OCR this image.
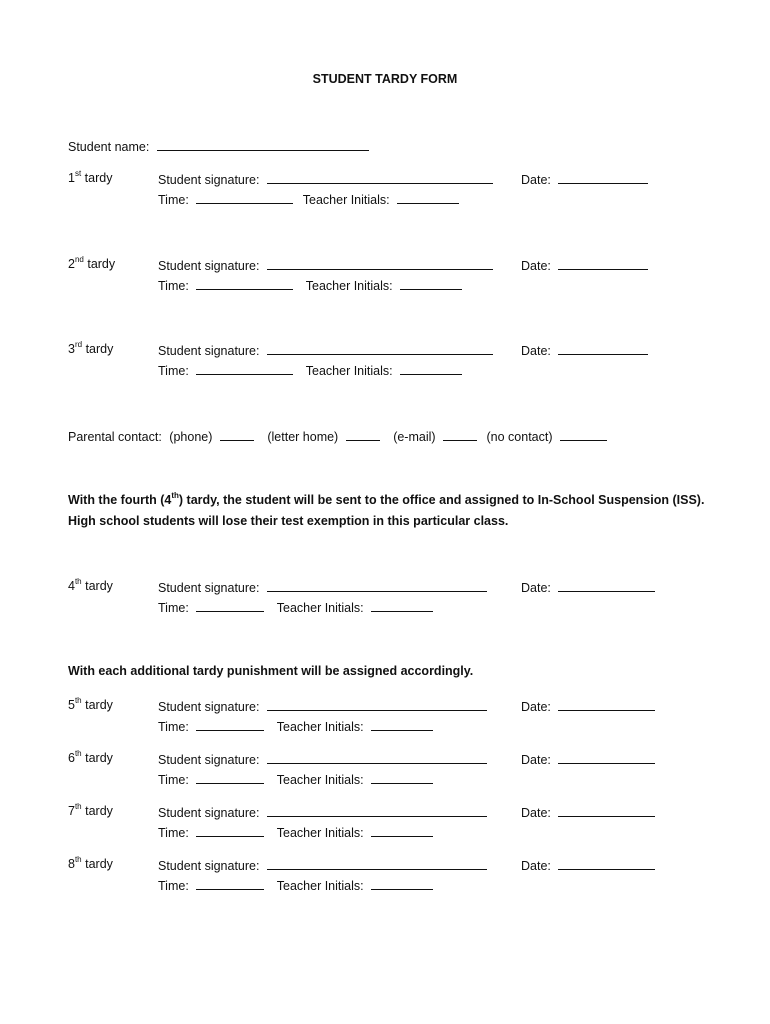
STUDENT TARDY FORM
Student name:
1st tardy	Student signature:	Date:
Time:	Teacher Initials:
2nd tardy	Student signature:	Date:
Time:	Teacher Initials:
3rd tardy	Student signature:	Date:
Time:	Teacher Initials:
Parental contact: (phone)	(letter home)	(e-mail)	(no contact)
With the fourth (4th) tardy, the student will be sent to the office and assigned to In-School Suspension (ISS).
High school students will lose their test exemption in this particular class.
4th tardy	Student signature:	Date:
Time:	Teacher Initials:
With each additional tardy punishment will be assigned accordingly.
5th tardy	Student signature:	Date:
Time:	Teacher Initials:
6th tardy	Student signature:	Date:
Time:	Teacher Initials:
7th tardy	Student signature:	Date:
Time:	Teacher Initials:
8th tardy	Student signature:	Date:
Time:	Teacher Initials:
